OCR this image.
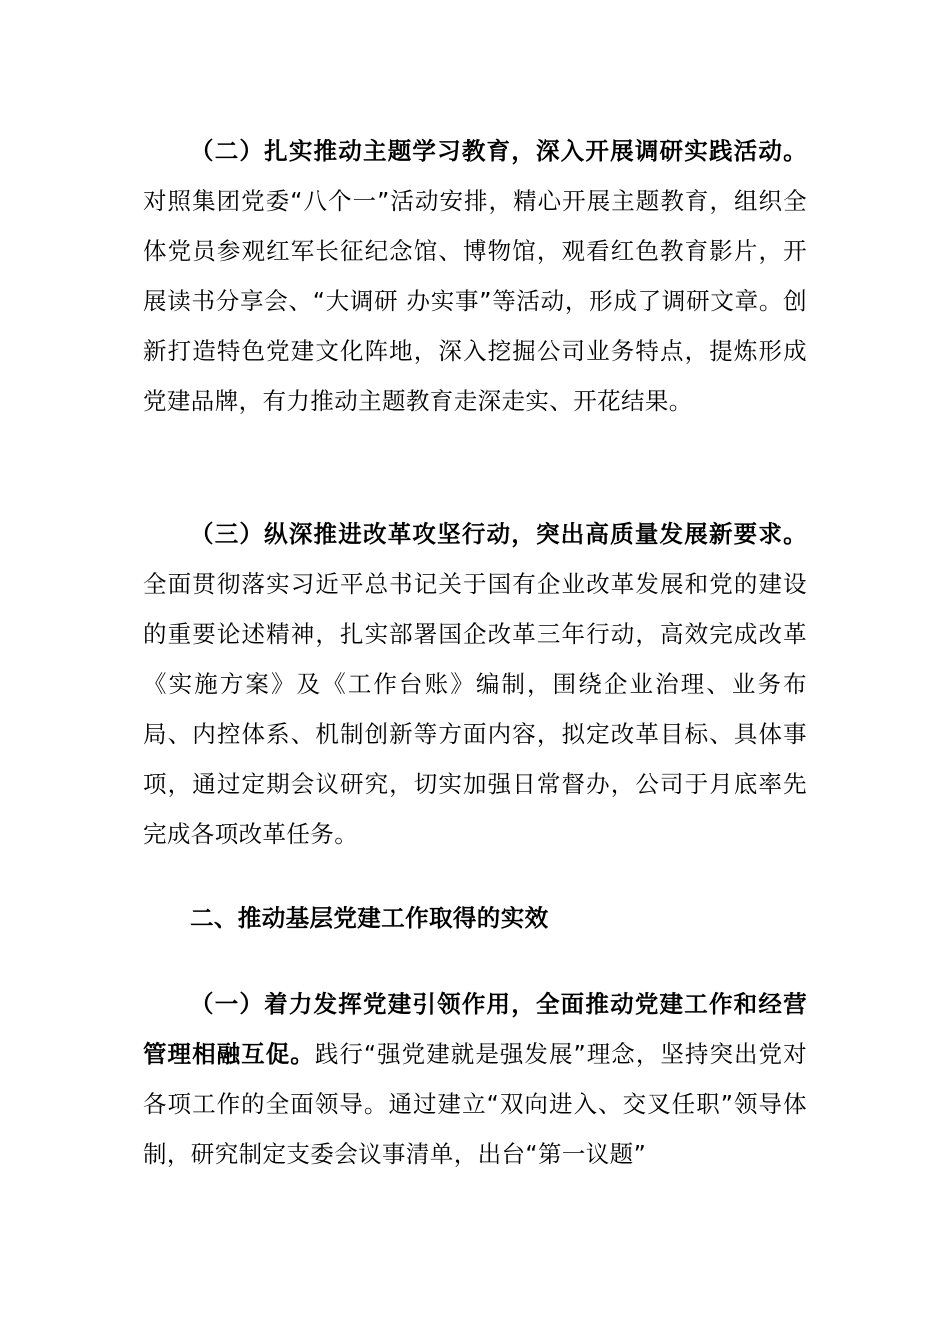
（二）扎实推动主题学习教育，深入开展调研实践活动。对照集团党委“八个一”活动安排，精心开展主题教育，组织全体党员参观红军长征纪念馆、博物馆，观看红色教育影片，开展读书分享会、“大调研 办实事”等活动，形成了调研文章。创新打造特色党建文化阵地，深入挖掘公司业务特点，提炼形成党建品牌，有力推动主题教育走深走实、开花结果。

（三）纵深推进改革攻坚行动，突出高质量发展新要求。全面贯彻落实习近平总书记关于国有企业改革发展和党的建设的重要论述精神，扎实部署国企改革三年行动，高效完成改革《实施方案》及《工作台账》编制，围绕企业治理、业务布局、内控体系、机制创新等方面内容，拟定改革目标、具体事项，通过定期会议研究，切实加强日常督办，公司于月底率先完成各项改革任务。

二、推动基层党建工作取得的实效

（一）着力发挥党建引领作用，全面推动党建工作和经营管理相融互促。践行“强党建就是强发展”理念，坚持突出党对各项工作的全面领导。通过建立“双向进入、交叉任职”领导体制，研究制定支委会议事清单，出台“第一议题”
